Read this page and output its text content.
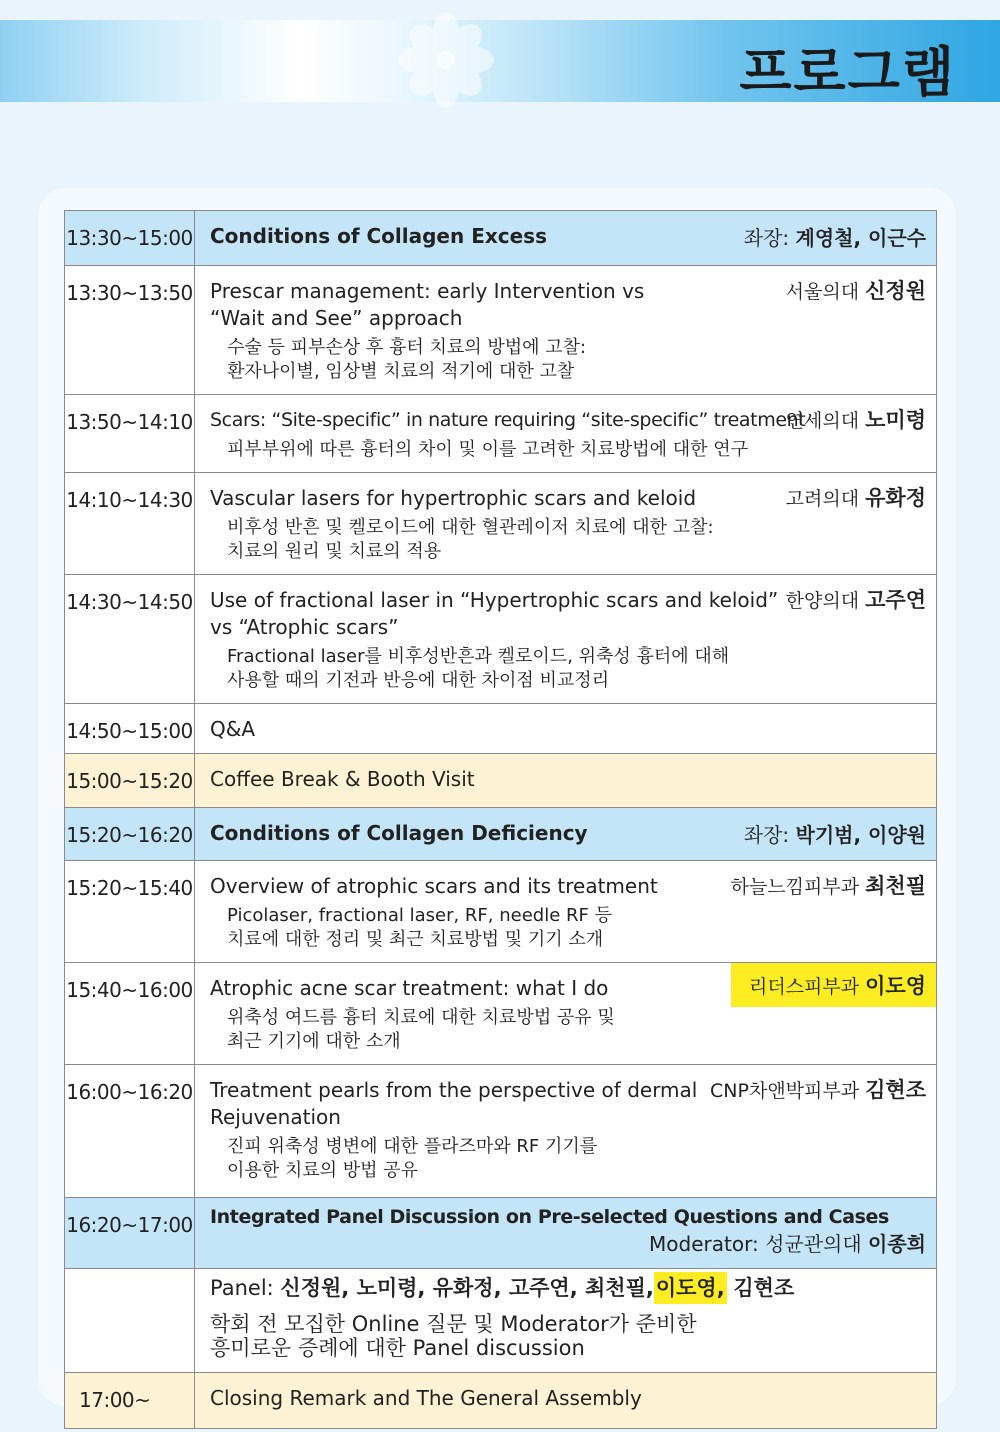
프로그램
13:30~15:00	Conditions of Collagen Excess 좌장: 계영철, 이근수

13:30~13:50	Prescar management: early Intervention vs
“Wait and See” approach
수술 등 피부손상 후 흉터 치료의 방법에 고찰:
환자나이별, 임상별 치료의 적기에 대한 고찰
서울의대 신정원

13:50~14:10	Scars: “Site-specific” in nature requiring “site-specific” treatment
피부부위에 따른 흉터의 차이 및 이를 고려한 치료방법에 대한 연구
연세의대 노미령

14:10~14:30	Vascular lasers for hypertrophic scars and keloid
비후성 반흔 및 켈로이드에 대한 혈관레이저 치료에 대한 고찰:
치료의 원리 및 치료의 적용
고려의대 유화정

14:30~14:50	Use of fractional laser in “Hypertrophic scars and keloid”
vs “Atrophic scars”
Fractional laser를 비후성반흔과 켈로이드, 위축성 흉터에 대해
사용할 때의 기전과 반응에 대한 차이점 비교정리
한양의대 고주연

14:50~15:00	Q&A

15:00~15:20	Coffee Break & Booth Visit

15:20~16:20	Conditions of Collagen Deficiency 좌장: 박기범, 이양원

15:20~15:40	Overview of atrophic scars and its treatment
Picolaser, fractional laser, RF, needle RF 등
치료에 대한 정리 및 최근 치료방법 및 기기 소개
하늘느낌피부과 최천필

15:40~16:00	Atrophic acne scar treatment: what I do
위축성 여드름 흉터 치료에 대한 치료방법 공유 및
최근 기기에 대한 소개
리더스피부과 이도영

16:00~16:20	Treatment pearls from the perspective of dermal
Rejuvenation
진피 위축성 병변에 대한 플라즈마와 RF 기기를
이용한 치료의 방법 공유
CNP차앤박피부과 김현조

16:20~17:00	Integrated Panel Discussion on Pre-selected Questions and Cases
Moderator: 성균관의대 이종희

	Panel: 신정원, 노미령, 유화정, 고주연, 최천필,이도영, 김현조
학회 전 모집한 Online 질문 및 Moderator가 준비한
흥미로운 증례에 대한 Panel discussion

17:00~	Closing Remark and The General Assembly
